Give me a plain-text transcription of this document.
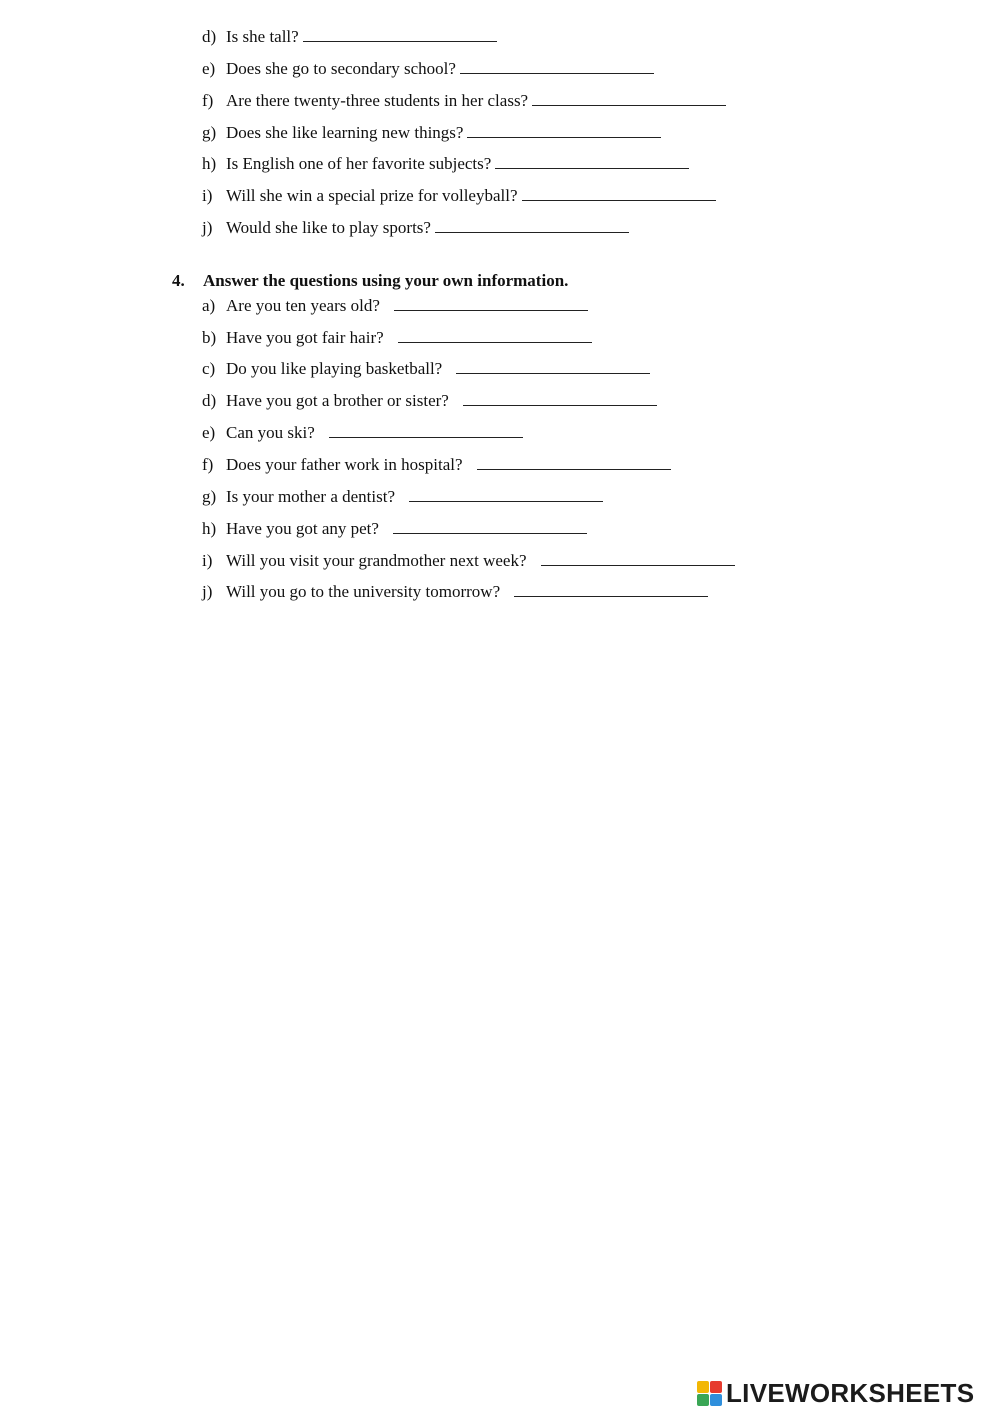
d) Is she tall?
e) Does she go to secondary school?
f) Are there twenty-three students in her class?
g) Does she like learning new things?
h) Is English one of her favorite subjects?
i) Will she win a special prize for volleyball?
j) Would she like to play sports?
4. Answer the questions using your own information.
a) Are you ten years old?
b) Have you got fair hair?
c) Do you like playing basketball?
d) Have you got a brother or sister?
e) Can you ski?
f) Does your father work in hospital?
g) Is your mother a dentist?
h) Have you got any pet?
i) Will you visit your grandmother next week?
j) Will you go to the university tomorrow?
LIVEWORKSHEETS
